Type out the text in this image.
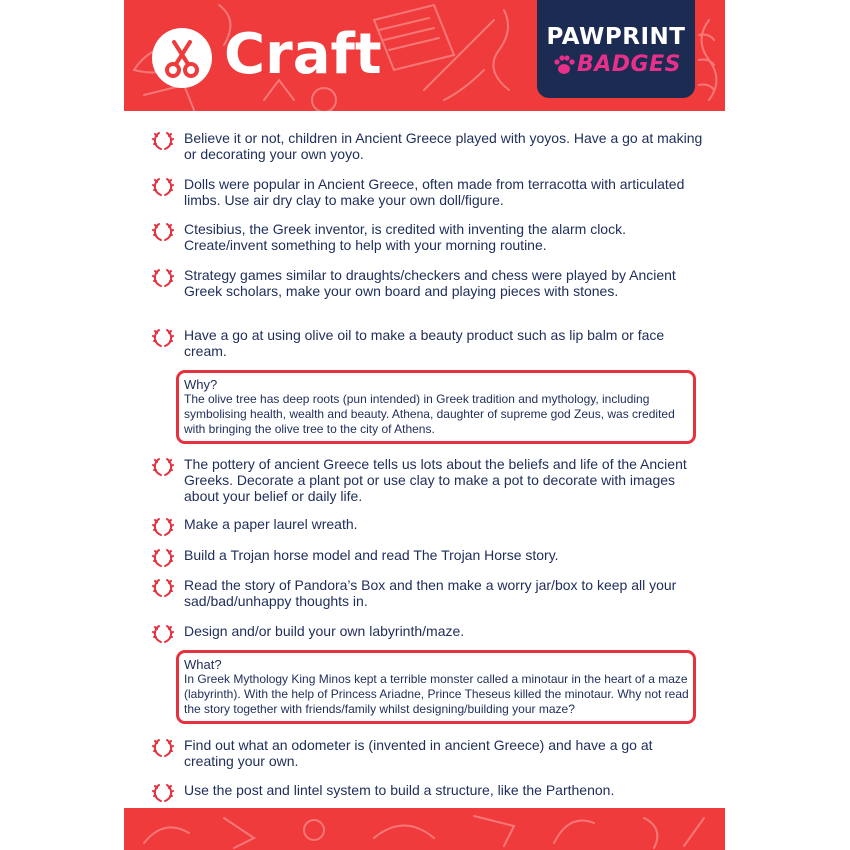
Craft	PAWPRINT
BADGES
Believe it or not, children in Ancient Greece played with yoyos. Have a go at making or decorating your own yoyo.
Dolls were popular in Ancient Greece, often made from terracotta with articulated limbs. Use air dry clay to make your own doll/figure.
Ctesibius, the Greek inventor, is credited with inventing the alarm clock. Create/invent something to help with your morning routine.
Strategy games similar to draughts/checkers and chess were played by Ancient Greek scholars, make your own board and playing pieces with stones.
Have a go at using olive oil to make a beauty product such as lip balm or face cream.
The pottery of ancient Greece tells us lots about the beliefs and life of the Ancient Greeks. Decorate a plant pot or use clay to make a pot to decorate with images about your belief or daily life.
Make a paper laurel wreath.
Build a Trojan horse model and read The Trojan Horse story.
Read the story of Pandora’s Box and then make a worry jar/box to keep all your sad/bad/unhappy thoughts in.
Design and/or build your own labyrinth/maze.
Find out what an odometer is (invented in ancient Greece) and have a go at creating your own.
Use the post and lintel system to build a structure, like the Parthenon.
Why?
The olive tree has deep roots (pun intended) in Greek tradition and mythology, including symbolising health, wealth and beauty. Athena, daughter of supreme god Zeus, was credited with bringing the olive tree to the city of Athens.
What?
In Greek Mythology King Minos kept a terrible monster called a minotaur in the heart of a maze (labyrinth). With the help of Princess Ariadne, Prince Theseus killed the minotaur. Why not read the story together with friends/family whilst designing/building your maze?
